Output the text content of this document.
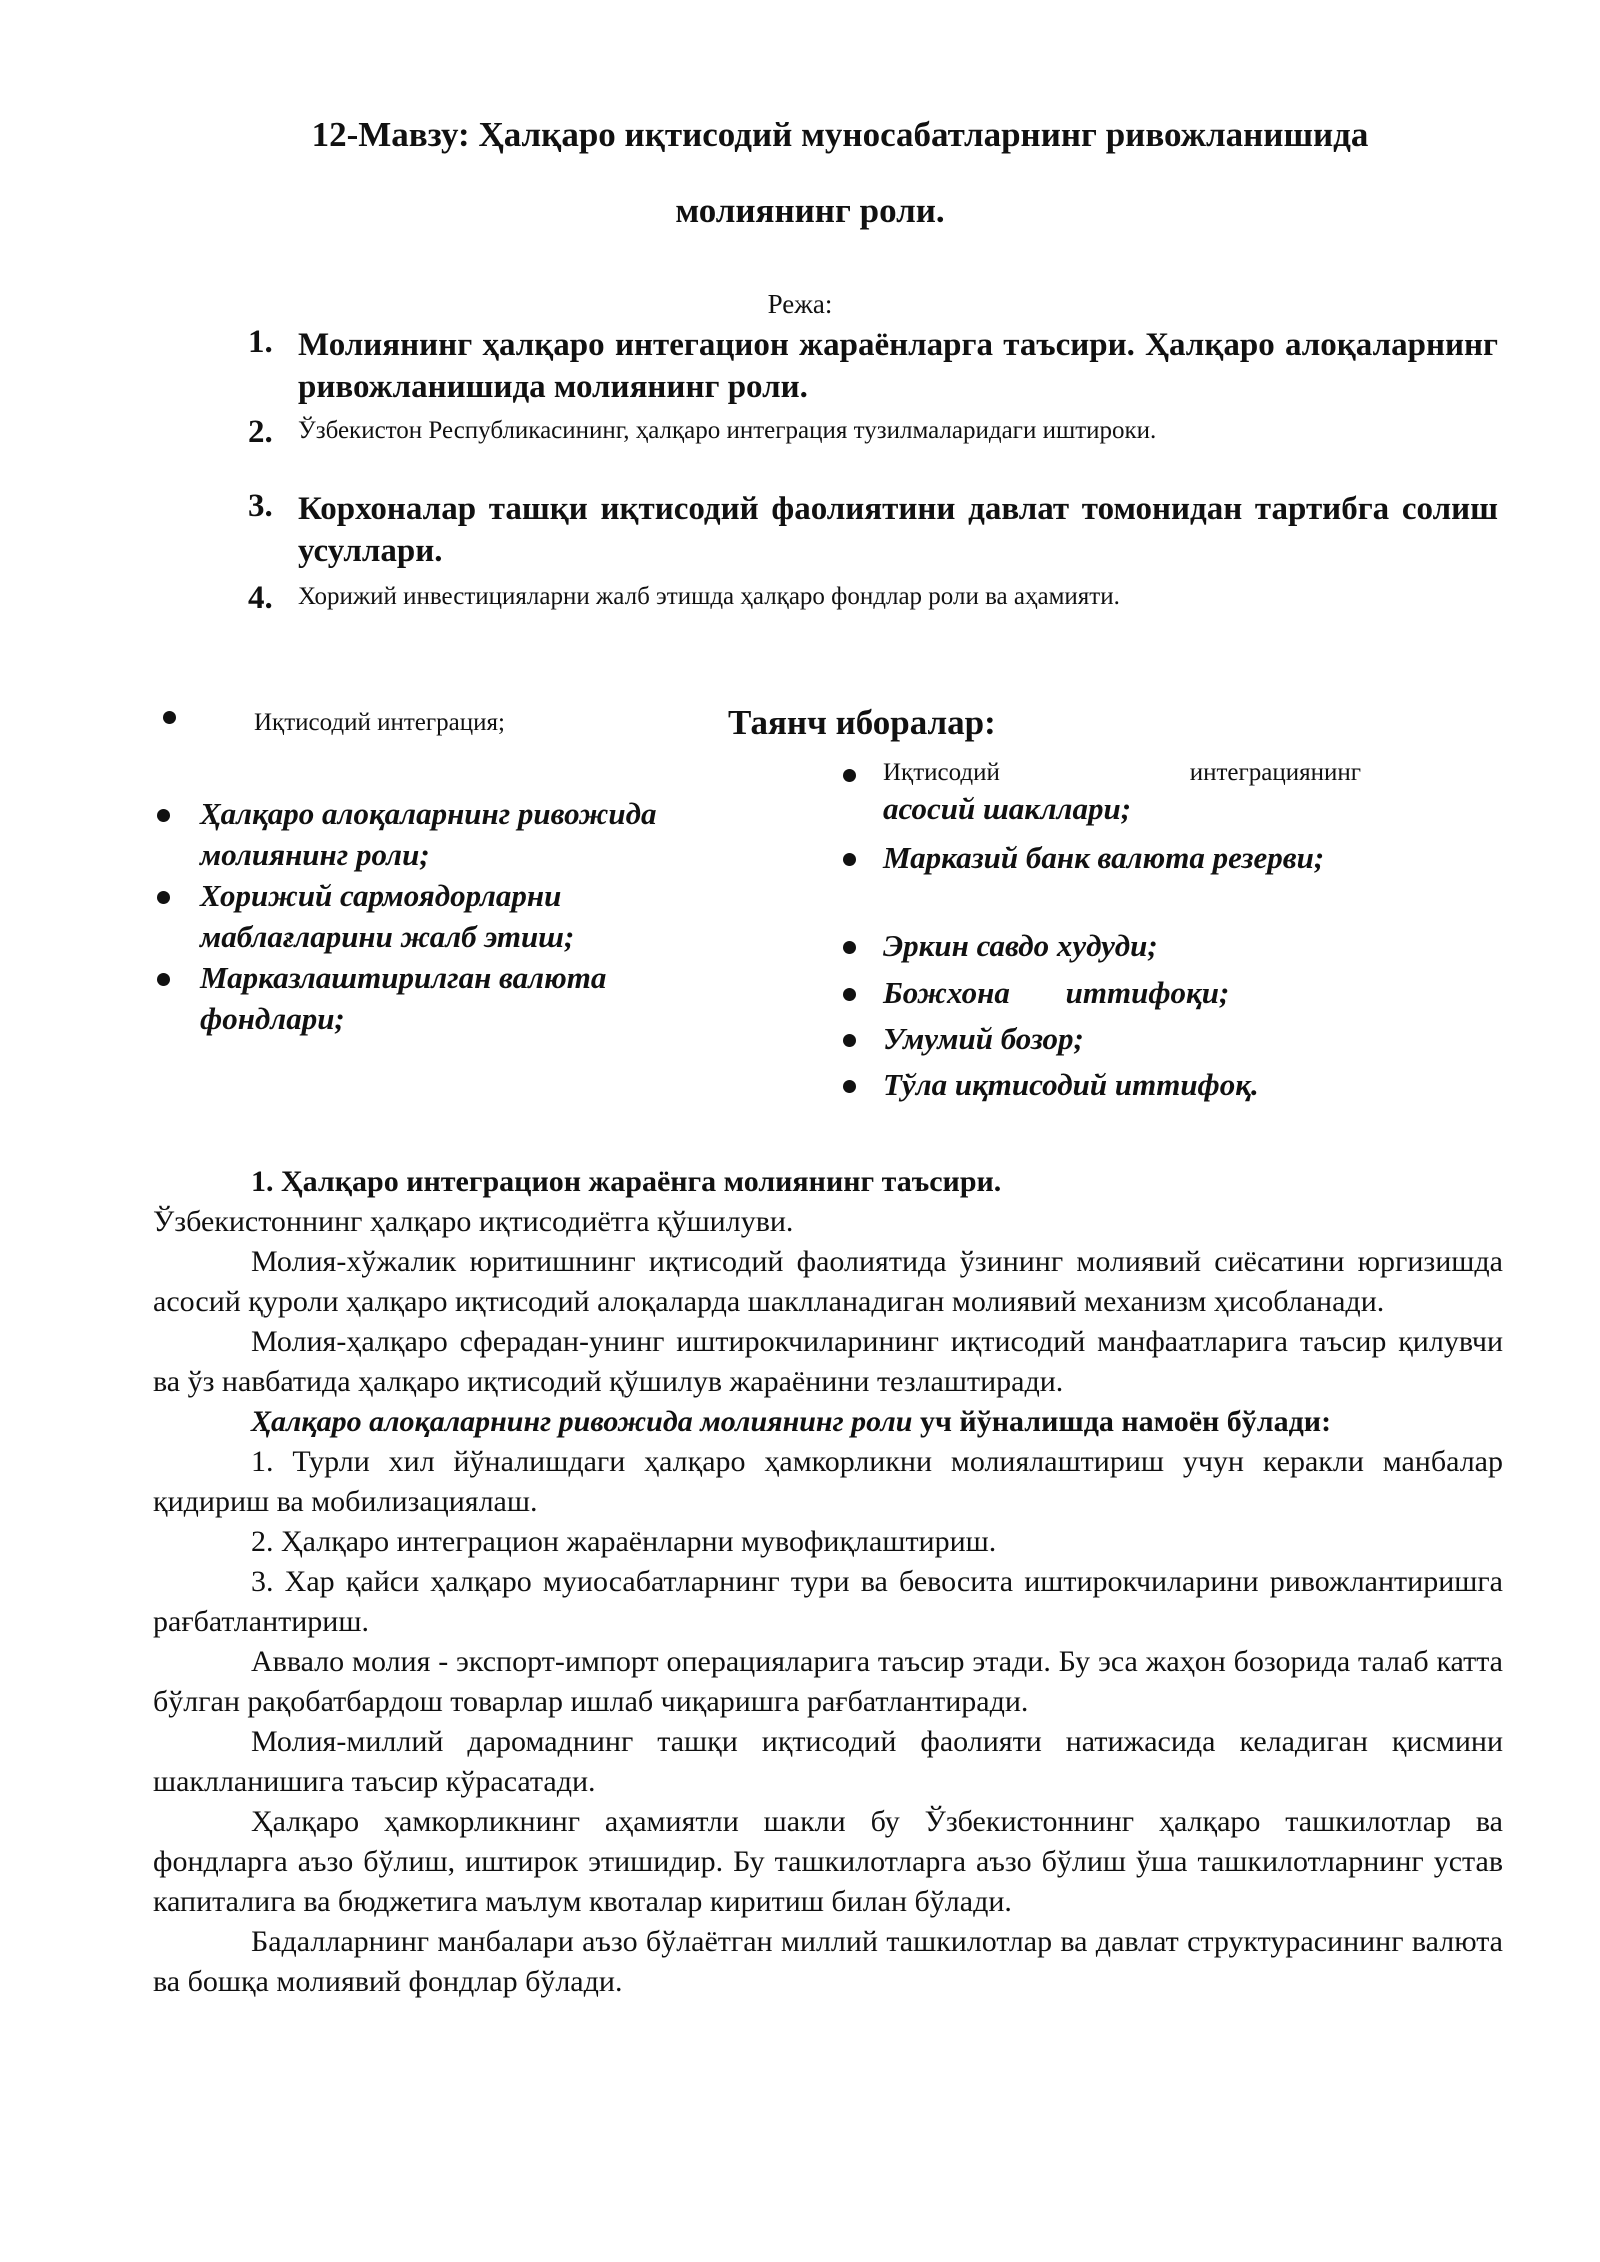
12-Мавзу: Ҳалқаро иқтисодий муносабатларнинг ривожланишида
молиянинг роли.
Режа:
1. Молиянинг ҳалқаро интегацион жараёнларга таъсири. Ҳалқаро алоқаларнинг ривожланишида молиянинг роли.
2. Ўзбекистон Республикасининг, ҳалқаро интеграция тузилмаларидаги иштироки.
3. Корхоналар ташқи иқтисодий фаолиятини давлат томонидан тартибга солиш усуллари.
4. Хорижий инвестицияларни жалб этишда ҳалқаро фондлар роли ва аҳамияти.
Таянч иборалар:
Иқтисодий интеграция;
Ҳалқаро алоқаларнинг ривожида молиянинг роли;
Хорижий сармоядорларни маблағларини жалб этиш;
Марказлаштирилган валюта фондлари;
Иқтисодий интеграциянинг
асосий шакллари;
Марказий банк валюта резерви;
Эркин савдо худуди;
Божхона иттифоқи;
Умумий бозор;
Тўла иқтисодий иттифоқ.

1. Ҳалқаро интеграцион жараёнга молиянинг таъсири.

Ўзбекистоннинг ҳалқаро иқтисодиётга қўшилуви.

Молия-хўжалик юритишнинг иқтисодий фаолиятида ўзининг молиявий сиёсатини юргизишда асосий қуроли ҳалқаро иқтисодий алоқаларда шаклланадиган молиявий механизм ҳисобланади.

Молия-ҳалқаро сферадан-унинг иштирокчиларининг иқтисодий манфаатларига таъсир қилувчи ва ўз навбатида ҳалқаро иқтисодий қўшилув жараёнини тезлаштиради.

Ҳалқаро алоқаларнинг ривожида молиянинг роли уч йўналишда намоён бўлади:

1. Турли хил йўналишдаги ҳалқаро ҳамкорликни молиялаштириш учун керакли манбалар қидириш ва мобилизациялаш.

2. Ҳалқаро интеграцион жараёнларни мувофиқлаштириш.

3. Хар қайси ҳалқаро муиосабатларнинг тури ва бевосита иштирокчиларини ривожлантиришга рағбатлантириш.

Аввало молия - экспорт-импорт операцияларига таъсир этади. Бу эса жаҳон бозорида талаб катта бўлган рақобатбардош товарлар ишлаб чиқаришга рағбатлантиради.

Молия-миллий даромаднинг ташқи иқтисодий фаолияти натижасида келадиган қисмини шаклланишига таъсир кўрасатади.

Ҳалқаро ҳамкорликнинг аҳамиятли шакли бу Ўзбекистоннинг ҳалқаро ташкилотлар ва фондларга аъзо бўлиш, иштирок этишидир. Бу ташкилотларга аъзо бўлиш ўша ташкилотларнинг устав капиталига ва бюджетига маълум квоталар киритиш билан бўлади.

Бадалларнинг манбалари аъзо бўлаётган миллий ташкилотлар ва давлат структурасининг валюта ва бошқа молиявий фондлар бўлади.
